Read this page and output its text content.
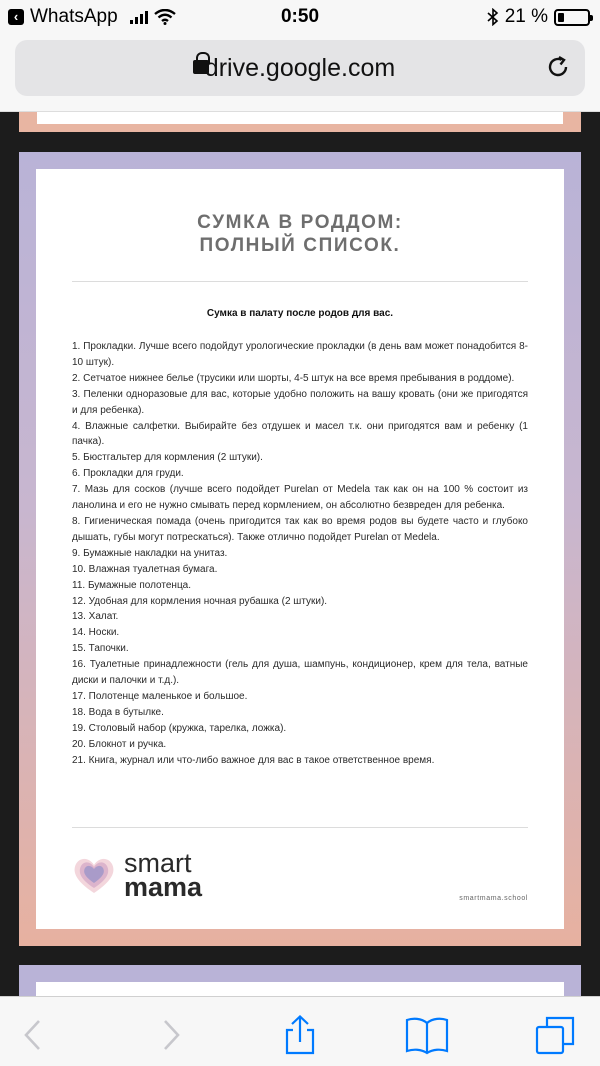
‹ WhatsApp	0:50	21 %
drive.google.com
СУМКА В РОДДОМ:
ПОЛНЫЙ СПИСОК.
Сумка в палату после родов для вас.
1. Прокладки. Лучше всего подойдут урологические прокладки (в день вам может понадобится 8-10 штук).
2. Сетчатое нижнее белье (трусики или шорты, 4-5 штук на все время пребывания в роддоме).
3. Пеленки одноразовые для вас, которые удобно положить на вашу кровать (они же пригодятся и для ребенка).
4. Влажные салфетки. Выбирайте без отдушек и масел т.к. они пригодятся вам и ребенку (1 пачка).
5. Бюстгальтер для кормления (2 штуки).
6. Прокладки для груди.
7. Мазь для сосков (лучше всего подойдет Purelan от Medela так как он на 100 % состоит из ланолина и его не нужно смывать перед кормлением, он абсолютно безвреден для ребенка.
8. Гигиеническая помада (очень пригодится так как во время родов вы будете часто и глубоко дышать, губы могут потрескаться). Также отлично подойдет Purelan от Medela.
9. Бумажные накладки на унитаз.
10. Влажная туалетная бумага.
11. Бумажные полотенца.
12. Удобная для кормления ночная рубашка (2 штуки).
13. Халат.
14. Носки.
15. Тапочки.
16. Туалетные принадлежности (гель для душа, шампунь, кондиционер, крем для тела, ватные диски и палочки и т.д.).
17. Полотенце маленькое и большое.
18. Вода в бутылке.
19. Столовый набор (кружка, тарелка, ложка).
20. Блокнот и ручка.
21. Книга, журнал или что-либо важное для вас в такое ответственное время.
smart
mama	smartmama.school
